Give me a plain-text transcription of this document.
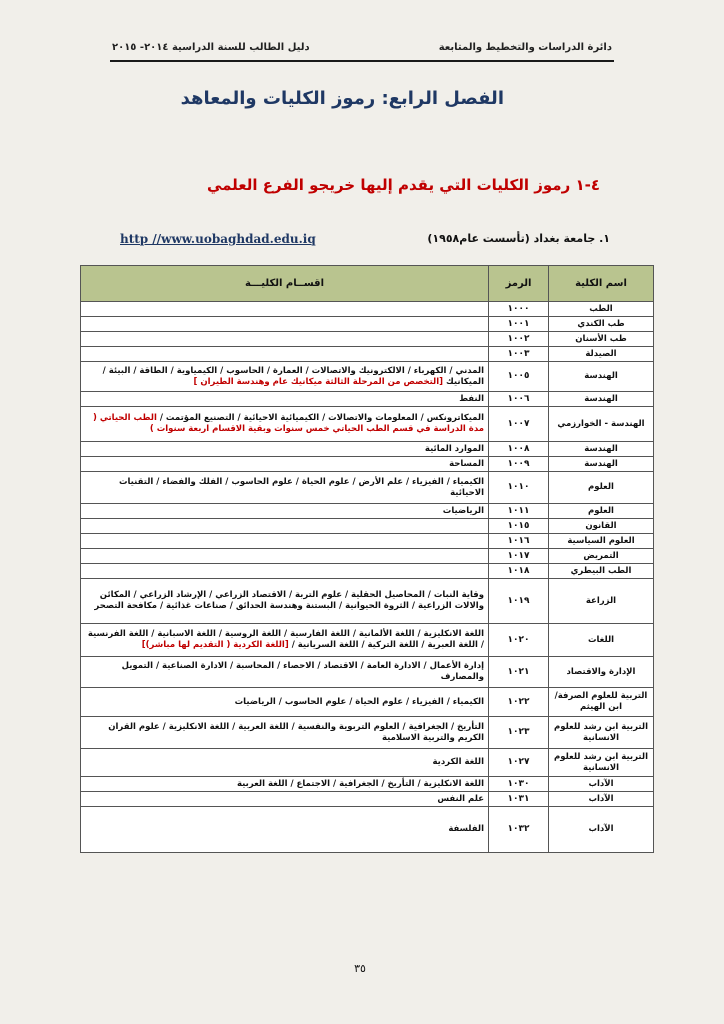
دائرة الدراسات والتخطيط والمتابعة
دليل الطالب للسنة الدراسية ٢٠١٤- ٢٠١٥
الفصل الرابع: رموز الكليات والمعاهد
٤-١ رموز الكليات التي يقدم إليها خريجو الفرع العلمي
١. جامعة بغداد (تأسست عام١٩٥٨)
http //www.uobaghdad.edu.iq
اسم الكلية	الرمز	اقســام الكليـــة
الطب	١٠٠٠	
طب الكندي	١٠٠١	
طب الأسنان	١٠٠٢	
الصيدلة	١٠٠٣	
الهندسة	١٠٠٥	المدني / الكهرباء / الالكترونيك والاتصالات / العمارة / الحاسوب / الكيمياوية / الطاقة / البيئة / الميكانيك [التخصص من المرحلة الثالثة ميكانيك عام وهندسة الطيران ]
الهندسة	١٠٠٦	النفط
الهندسة - الخوارزمي	١٠٠٧	الميكاترونكس / المعلومات والاتصالات / الكيميائية الاحيائية / التصنيع المؤتمت / الطب الحياتي ( مدة الدراسة في قسم الطب الحياتي خمس سنوات وبقية الاقسام اربعة سنوات )
الهندسة	١٠٠٨	الموارد المائية
الهندسة	١٠٠٩	المساحة
العلوم	١٠١٠	الكيمياء / الفيزياء / علم الأرض / علوم الحياة / علوم الحاسوب / الفلك والفضاء / التقنيات الاحيائية
العلوم	١٠١١	الرياضيات
القانون	١٠١٥	
العلوم السياسية	١٠١٦	
التمريض	١٠١٧	
الطب البيطري	١٠١٨	
الزراعة	١٠١٩	وقاية النبات / المحاصيل الحقلية / علوم التربة / الاقتصاد الزراعي / الإرشاد الزراعي / المكائن والالات الزراعية / الثروة الحيوانية / البستنة وهندسة الحدائق / صناعات غذائية / مكافحة التصحر
اللغات	١٠٢٠	اللغة الانكليزية / اللغة الألمانية / اللغة الفارسية / اللغة الروسية / اللغة الاسبانية / اللغة الفرنسية / اللغة العبرية / اللغة التركية / اللغة السريانية / [اللغة الكردية ( التقديم لها مباشر)]
الإدارة والاقتصاد	١٠٢١	إدارة الأعمال / الادارة العامة / الاقتصاد / الاحصاء / المحاسبة / الادارة الصناعية / التمويل والمصارف
التربية للعلوم الصرفة/ ابن الهيثم	١٠٢٢	الكيمياء / الفيزياء / علوم الحياة / علوم الحاسوب / الرياضيات
التربية ابن رشد للعلوم الانسانية	١٠٢٣	التأريخ / الجغرافية / العلوم التربوية والنفسية / اللغة العربية / اللغة الانكليزية / علوم القران الكريم والتربية الاسلامية
التربية ابن رشد للعلوم الانسانية	١٠٢٧	اللغة الكردية
الآداب	١٠٣٠	اللغة الانكليزية / التأريخ / الجغرافية / الاجتماع / اللغة العربية
الآداب	١٠٣١	علم النفس
الآداب	١٠٣٢	الفلسفة
٣٥
